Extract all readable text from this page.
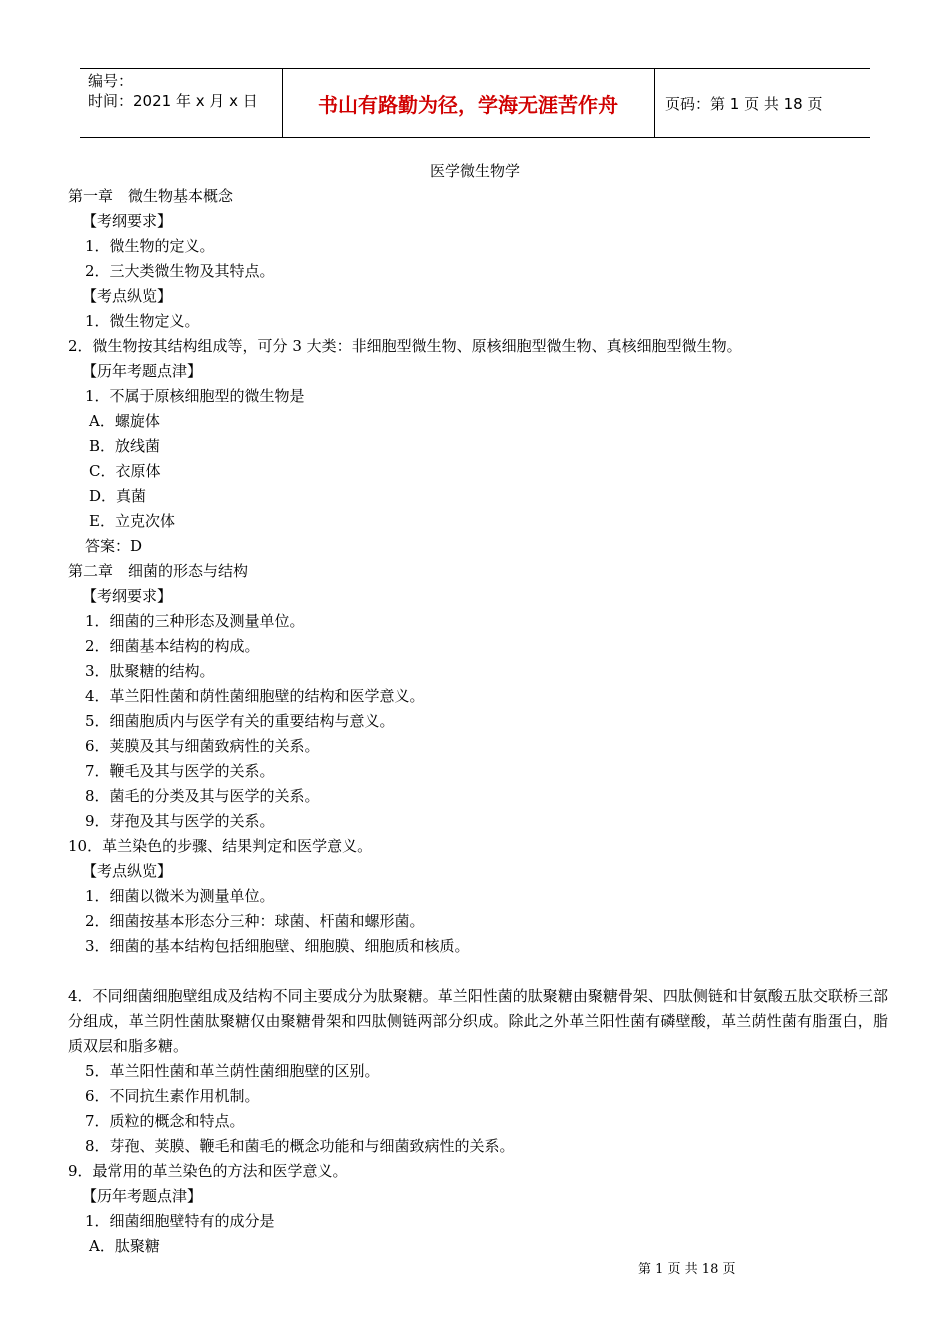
编号：
时间：2021 年 x 月 x 日	书山有路勤为径，学海无涯苦作舟	页码：第 1 页 共 18 页
医学微生物学
第一章　微生物基本概念
【考纲要求】
1．微生物的定义。
2．三大类微生物及其特点。
【考点纵览】
1．微生物定义。
2．微生物按其结构组成等，可分 3 大类：非细胞型微生物、原核细胞型微生物、真核细胞型微生物。
【历年考题点津】
1．不属于原核细胞型的微生物是
A．螺旋体
B．放线菌
C．衣原体
D．真菌
E．立克次体
答案：D
第二章　细菌的形态与结构
【考纲要求】
1．细菌的三种形态及测量单位。
2．细菌基本结构的构成。
3．肽聚糖的结构。
4．革兰阳性菌和荫性菌细胞壁的结构和医学意义。
5．细菌胞质内与医学有关的重要结构与意义。
6．荚膜及其与细菌致病性的关系。
7．鞭毛及其与医学的关系。
8．菌毛的分类及其与医学的关系。
9．芽孢及其与医学的关系。
10．革兰染色的步骤、结果判定和医学意义。
【考点纵览】
1．细菌以微米为测量单位。
2．细菌按基本形态分三种：球菌、杆菌和螺形菌。
3．细菌的基本结构包括细胞壁、细胞膜、细胞质和核质。
4．不同细菌细胞壁组成及结构不同主要成分为肽聚糖。革兰阳性菌的肽聚糖由聚糖骨架、四肽侧链和甘氨酸五肽交联桥三部分组成，革兰阴性菌肽聚糖仅由聚糖骨架和四肽侧链两部分织成。除此之外革兰阳性菌有磷壁酸，革兰荫性菌有脂蛋白，脂质双层和脂多糖。
5．革兰阳性菌和革兰荫性菌细胞壁的区别。
6．不同抗生素作用机制。
7．质粒的概念和特点。
8．芽孢、荚膜、鞭毛和菌毛的概念功能和与细菌致病性的关系。
9．最常用的革兰染色的方法和医学意义。
【历年考题点津】
1．细菌细胞壁特有的成分是
A．肽聚糖
第 1 页 共 18 页
